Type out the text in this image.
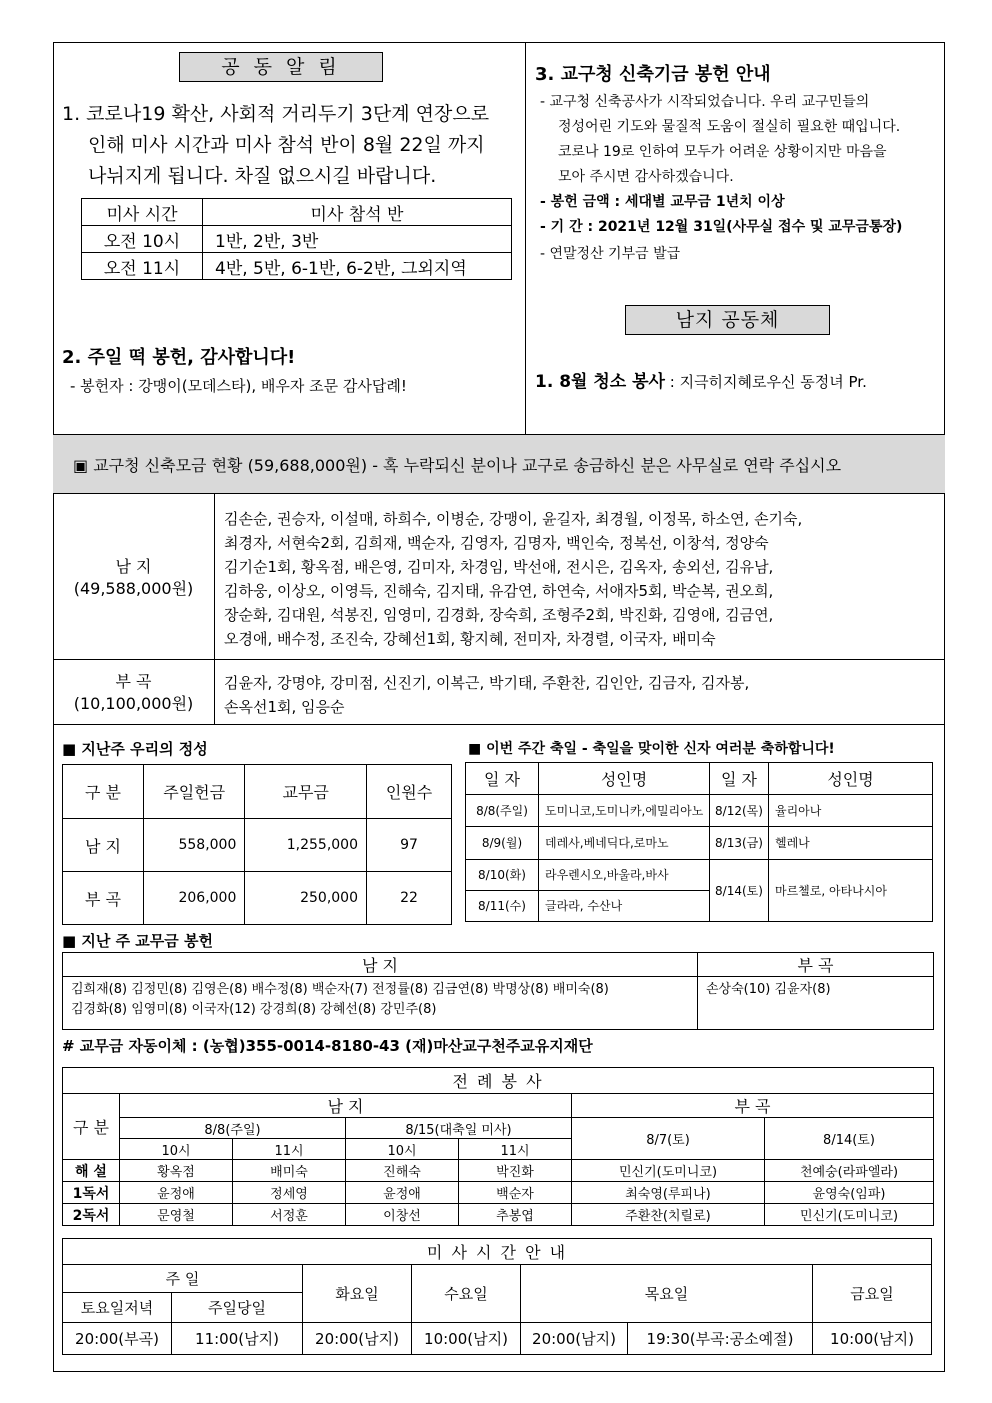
공 동 알 림
1. 코로나19 확산, 사회적 거리두기 3단계 연장으로
인해 미사 시간과 미사 참석 반이 8월 22일 까지
나뉘지게 됩니다. 차질 없으시길 바랍니다.
미사 시간	미사 참석 반
오전 10시	1반, 2반, 3반
오전 11시	4반, 5반, 6-1반, 6-2반, 그외지역
2. 주일 떡 봉헌, 감사합니다!
- 봉헌자 : 강맹이(모데스타), 배우자 조문 감사답례!
3. 교구청 신축기금 봉헌 안내
- 교구청 신축공사가 시작되었습니다. 우리 교구민들의
정성어린 기도와 물질적 도움이 절실히 필요한 때입니다.
코로나 19로 인하여 모두가 어려운 상황이지만 마음을
모아 주시면 감사하겠습니다.
- 봉헌 금액 : 세대별 교무금 1년치 이상
- 기 간 : 2021년 12월 31일(사무실 접수 및 교무금통장)
- 연말정산 기부금 발급
남지 공동체
1. 8월 청소 봉사 : 지극히지혜로우신 동정녀 Pr.
▣ 교구청 신축모금 현황 (59,688,000원) - 혹 누락되신 분이나 교구로 송금하신 분은 사무실로 연락 주십시오
남 지
(49,588,000원)
김손순, 권승자, 이설매, 하희수, 이병순, 강맹이, 윤길자, 최경월, 이정목, 하소연, 손기숙,
최경자, 서현숙2회, 김희재, 백순자, 김영자, 김명자, 백인숙, 정복선, 이창석, 정양숙
김기순1회, 황옥점, 배은영, 김미자, 차경임, 박선애, 전시은, 김옥자, 송외선, 김유남,
김하웅, 이상오, 이영득, 진해숙, 김지태, 유감연, 하연숙, 서애자5회, 박순복, 권오희,
장순화, 김대원, 석봉진, 임영미, 김경화, 장숙희, 조형주2회, 박진화, 김영애, 김금연,
오경애, 배수정, 조진숙, 강혜선1회, 황지혜, 전미자, 차경렬, 이국자, 배미숙
부 곡
(10,100,000원)
김윤자, 강명야, 강미점, 신진기, 이복근, 박기태, 주환찬, 김인안, 김금자, 김자봉,
손옥선1회, 임응순
■ 지난주 우리의 정성
구 분	주일헌금	교무금	인원수
남 지	558,000	1,255,000	97
부 곡	206,000	250,000	22
■ 이번 주간 축일 - 축일을 맞이한 신자 여러분 축하합니다!
일 자	성인명	일 자	성인명
8/8(주일)	도미니코,도미니카,에밀리아노	8/12(목)	율리아나
8/9(월)	데레사,베네딕다,로마노	8/13(금)	헬레나
8/10(화)	라우렌시오,바울라,바사	8/14(토)	마르첼로, 아타나시아
8/11(수)	글라라, 수산나		
■ 지난 주 교무금 봉헌
남 지	부 곡

김희재(8) 김정민(8) 김영은(8) 배수정(8) 백순자(7) 전정률(8) 김금연(8) 박명상(8) 배미숙(8)
김경화(8) 임영미(8) 이국자(12) 강경희(8) 강혜선(8) 강민주(8)	손상숙(10) 김윤자(8)
# 교무금 자동이체 : (농협)355-0014-8180-43 (재)마산교구천주교유지재단
전 례 봉 사						
구 분	남 지				부 곡	
	8/8(주일)		8/15(대축일 미사)		8/7(토)	8/14(토)
	10시	11시	10시	11시		
해 설	황옥점	배미숙	진해숙	박진화	민신기(도미니코)	천예숭(라파엘라)
1독서	윤정애	정세영	윤정애	백순자	최숙영(루피나)	윤영숙(임파)
2독서	문영철	서정훈	이창선	추봉엽	주환찬(치릴로)	민신기(도미니코)
미 사 시 간 안 내						
주 일		화요일	수요일	목요일		금요일
토요일저녁	주일당일					
20:00(부곡)	11:00(남지)	20:00(남지)	10:00(남지)	20:00(남지)	19:30(부곡:공소예절)	10:00(남지)
